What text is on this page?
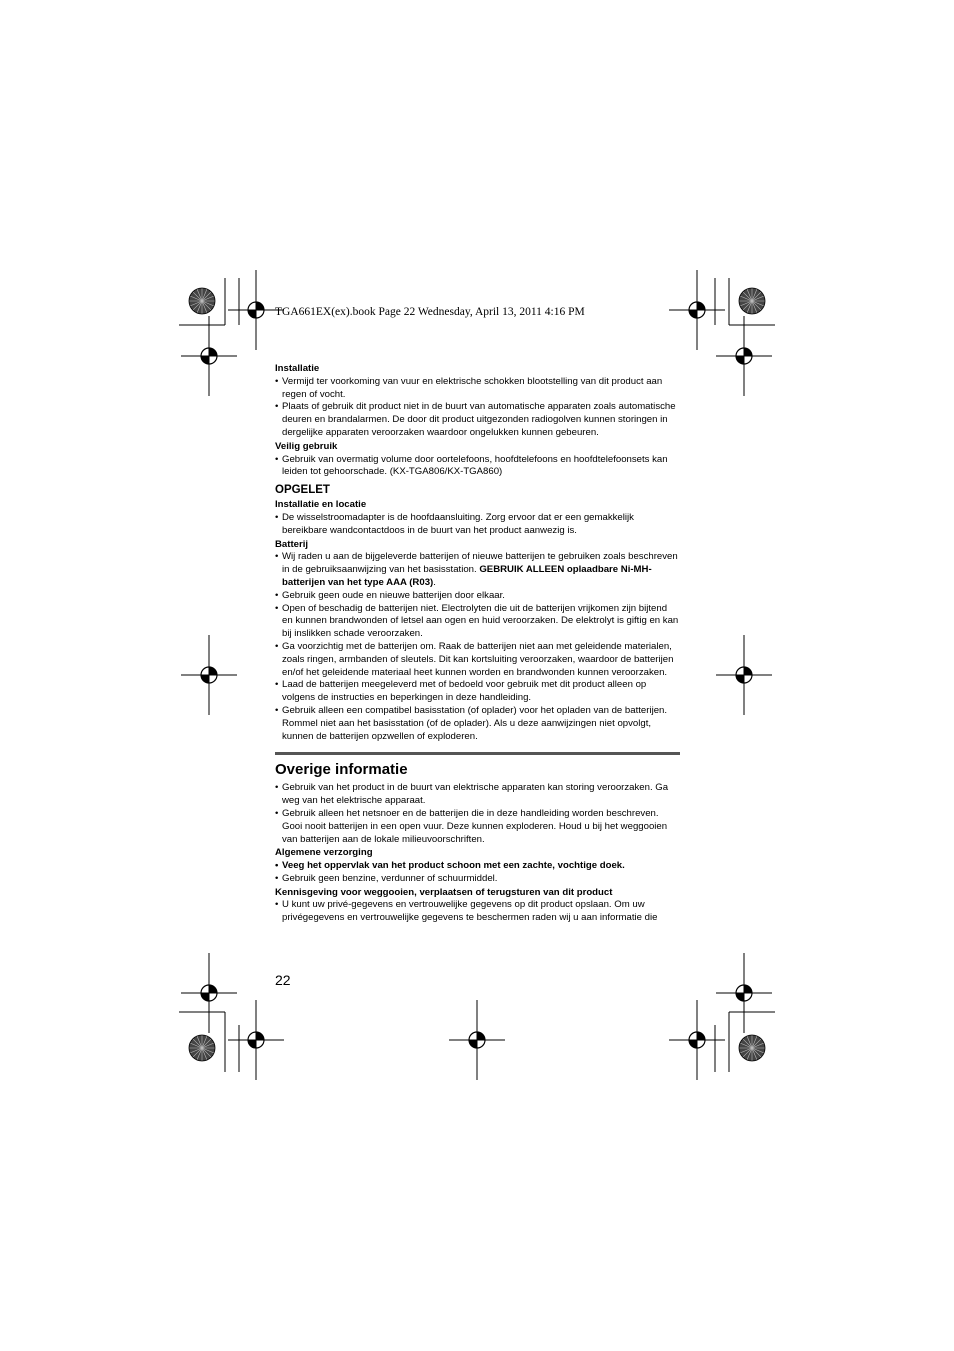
TGA661EX(ex).book Page 22 Wednesday, April 13, 2011 4:16 PM
Installatie
• Vermijd ter voorkoming van vuur en elektrische schokken blootstelling van dit product aan regen of vocht.
• Plaats of gebruik dit product niet in de buurt van automatische apparaten zoals automatische deuren en brandalarmen. De door dit product uitgezonden radiogolven kunnen storingen in dergelijke apparaten veroorzaken waardoor ongelukken kunnen gebeuren.
Veilig gebruik
• Gebruik van overmatig volume door oortelefoons, hoofdtelefoons en hoofdtelefoonsets kan leiden tot gehoorschade. (KX-TGA806/KX-TGA860)
OPGELET
Installatie en locatie
• De wisselstroomadapter is de hoofdaansluiting. Zorg ervoor dat er een gemakkelijk bereikbare wandcontactdoos in de buurt van het product aanwezig is.
Batterij
• Wij raden u aan de bijgeleverde batterijen of nieuwe batterijen te gebruiken zoals beschreven in de gebruiksaanwijzing van het basisstation. GEBRUIK ALLEEN oplaadbare Ni-MH-batterijen van het type AAA (R03).
• Gebruik geen oude en nieuwe batterijen door elkaar.
• Open of beschadig de batterijen niet. Electrolyten die uit de batterijen vrijkomen zijn bijtend en kunnen brandwonden of letsel aan ogen en huid veroorzaken. De elektrolyt is giftig en kan bij inslikken schade veroorzaken.
• Ga voorzichtig met de batterijen om. Raak de batterijen niet aan met geleidende materialen, zoals ringen, armbanden of sleutels. Dit kan kortsluiting veroorzaken, waardoor de batterijen en/of het geleidende materiaal heet kunnen worden en brandwonden kunnen veroorzaken.
• Laad de batterijen meegeleverd met of bedoeld voor gebruik met dit product alleen op volgens de instructies en beperkingen in deze handleiding.
• Gebruik alleen een compatibel basisstation (of oplader) voor het opladen van de batterijen. Rommel niet aan het basisstation (of de oplader). Als u deze aanwijzingen niet opvolgt, kunnen de batterijen opzwellen of exploderen.
Overige informatie
• Gebruik van het product in de buurt van elektrische apparaten kan storing veroorzaken. Ga weg van het elektrische apparaat.
• Gebruik alleen het netsnoer en de batterijen die in deze handleiding worden beschreven. Gooi nooit batterijen in een open vuur. Deze kunnen exploderen. Houd u bij het weggooien van batterijen aan de lokale milieuvoorschriften.
Algemene verzorging
• Veeg het oppervlak van het product schoon met een zachte, vochtige doek.
• Gebruik geen benzine, verdunner of schuurmiddel.
Kennisgeving voor weggooien, verplaatsen of terugsturen van dit product
• U kunt uw privé-gegevens en vertrouwelijke gegevens op dit product opslaan. Om uw privégegevens en vertrouwelijke gegevens te beschermen raden wij u aan informatie die
22
